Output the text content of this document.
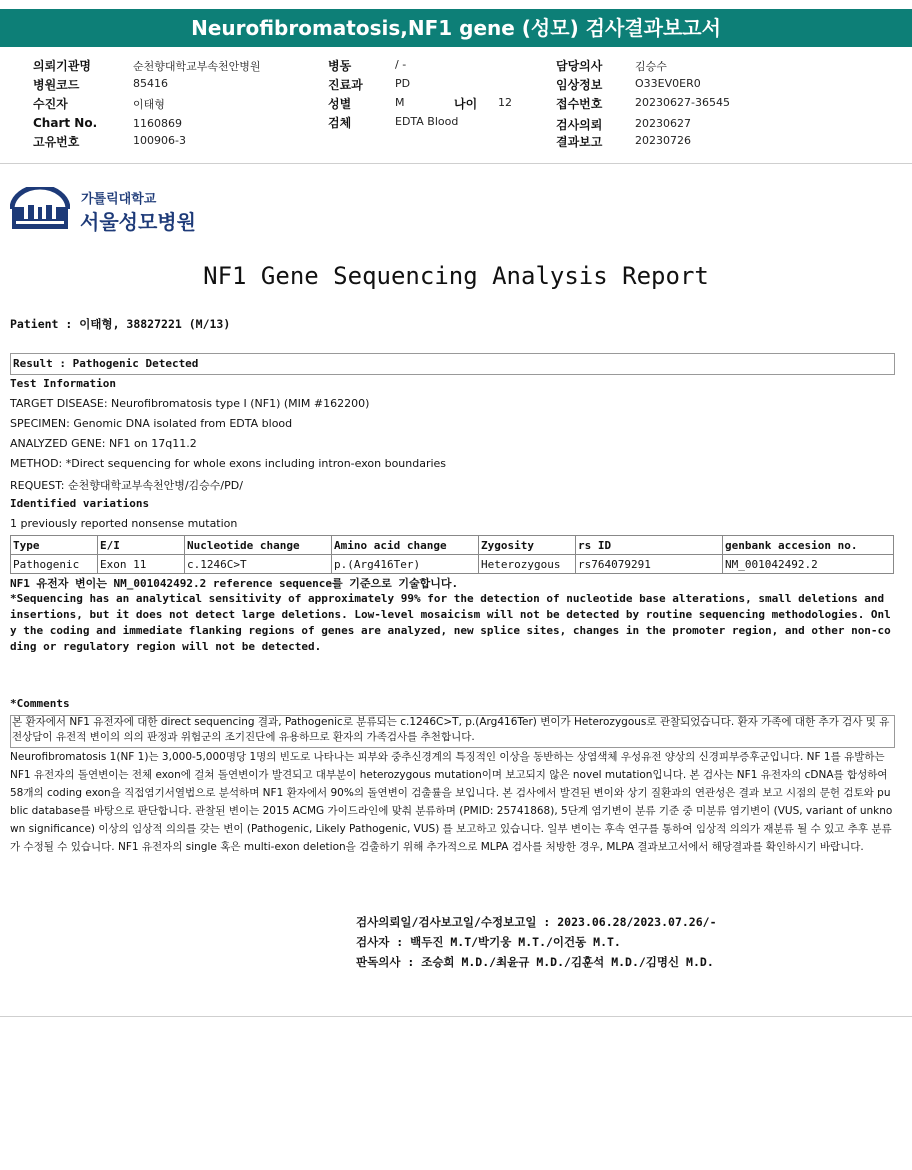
Neurofibromatosis,NF1 gene (성모) 검사결과보고서
의뢰기관명	순천향대학교부속천안병원
병원코드	85416
수진자	이태형
Chart No.	1160869
고유번호	100906-3
병동	/ -
진료과	PD
성별	M	나이 12
검체	EDTA Blood
담당의사	김승수
임상정보	O33EV0ER0
접수번호	20230627-36545
검사의뢰	20230627
결과보고	20230726
가톨릭대학교
서울성모병원
NF1 Gene Sequencing Analysis Report
Patient : 이태형, 38827221 (M/13)
Result : Pathogenic Detected
Test Information
TARGET DISEASE: Neurofibromatosis type I (NF1) (MIM #162200)
SPECIMEN: Genomic DNA isolated from EDTA blood
ANALYZED GENE: NF1 on 17q11.2
METHOD: *Direct sequencing for whole exons including intron-exon boundaries
REQUEST: 순천향대학교부속천안병/김승수/PD/
Identified variations
1 previously reported nonsense mutation
Type	E/I	Nucleotide change	Amino acid change	Zygosity	rs ID	genbank accesion no.
Pathogenic	Exon 11	c.1246C>T	p.(Arg416Ter)	Heterozygous	rs764079291	NM_001042492.2
NF1 유전자 변이는 NM_001042492.2 reference sequence를 기준으로 기술합니다.
*Sequencing has an analytical sensitivity of approximately 99% for the detection of nucleotide base alterations, small deletions and insertions, but it does not detect large deletions. Low-level mosaicism will not be detected by routine sequencing methodologies. Only the coding and immediate flanking regions of genes are analyzed, new splice sites, changes in the promoter region, and other non-coding or regulatory region will not be detected.
*Comments
본 환자에서 NF1 유전자에 대한 direct sequencing 결과, Pathogenic로 분류되는 c.1246C>T, p.(Arg416Ter) 변이가 Heterozygous로 관찰되었습니다. 환자 가족에 대한 추가 검사 및 유전상담이 유전적 변이의 의의 판정과 위험군의 조기진단에 유용하므로 환자의 가족검사를 추천합니다.
Neurofibromatosis 1(NF 1)는 3,000-5,000명당 1명의 빈도로 나타나는 피부와 중추신경계의 특징적인 이상을 동반하는 상염색체 우성유전 양상의 신경피부증후군입니다. NF 1를 유발하는 NF1 유전자의 돌연변이는 전체 exon에 걸쳐 돌연변이가 발견되고 대부분이 heterozygous mutation이며 보고되지 않은 novel mutation입니다. 본 검사는 NF1 유전자의 cDNA를 합성하여 58개의 coding exon을 직접염기서열법으로 분석하며 NF1 환자에서 90%의 돌연변이 검출률을 보입니다. 본 검사에서 발견된 변이와 상기 질환과의 연관성은 결과 보고 시점의 문헌 검토와 public database를 바탕으로 판단합니다. 관찰된 변이는 2015 ACMG 가이드라인에 맞춰 분류하며 (PMID: 25741868), 5단계 염기변이 분류 기준 중 미분류 염기변이 (VUS, variant of unknown significance) 이상의 임상적 의의를 갖는 변이 (Pathogenic, Likely Pathogenic, VUS) 를 보고하고 있습니다. 일부 변이는 후속 연구를 통하여 임상적 의의가 재분류 될 수 있고 추후 분류가 수정될 수 있습니다. NF1 유전자의 single 혹은 multi-exon deletion을 검출하기 위해 추가적으로 MLPA 검사를 처방한 경우, MLPA 결과보고서에서 해당결과를 확인하시기 바랍니다.
검사의뢰일/검사보고일/수정보고일 : 2023.06.28/2023.07.26/-
검사자 : 백두진 M.T/박기웅 M.T./이건동 M.T.
판독의사 : 조승희 M.D./최윤규 M.D./김훈석 M.D./김명신 M.D.
